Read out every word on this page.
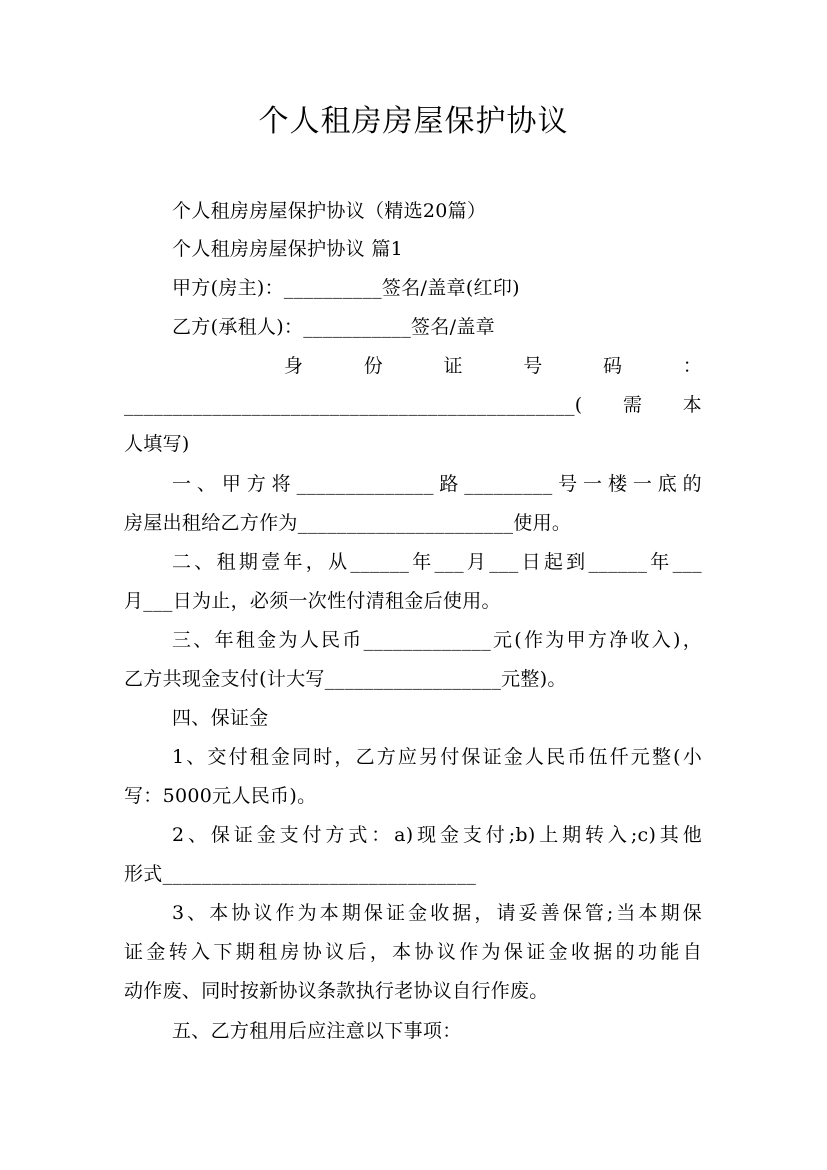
个人租房房屋保护协议
个人租房房屋保护协议（精选20篇）
个人租房房屋保护协议 篇1
甲方(房主)：__________签名/盖章(红印)
乙方(承租人)：___________签名/盖章
身　份　证　号　码　：
______________________________________________(需本
人填写)
一、甲方将______________路_________号一楼一底的
房屋出租给乙方作为______________________使用。
二、租期壹年，从______年___月___日起到______年___
月___日为止，必须一次性付清租金后使用。
三、年租金为人民币_____________元(作为甲方净收入)，
乙方共现金支付(计大写__________________元整)。
四、保证金
1、交付租金同时，乙方应另付保证金人民币伍仟元整(小
写：5000元人民币)。
2、保证金支付方式：a)现金支付;b)上期转入;c)其他
形式________________________________
3、本协议作为本期保证金收据，请妥善保管;当本期保
证金转入下期租房协议后，本协议作为保证金收据的功能自
动作废、同时按新协议条款执行老协议自行作废。
五、乙方租用后应注意以下事项：
